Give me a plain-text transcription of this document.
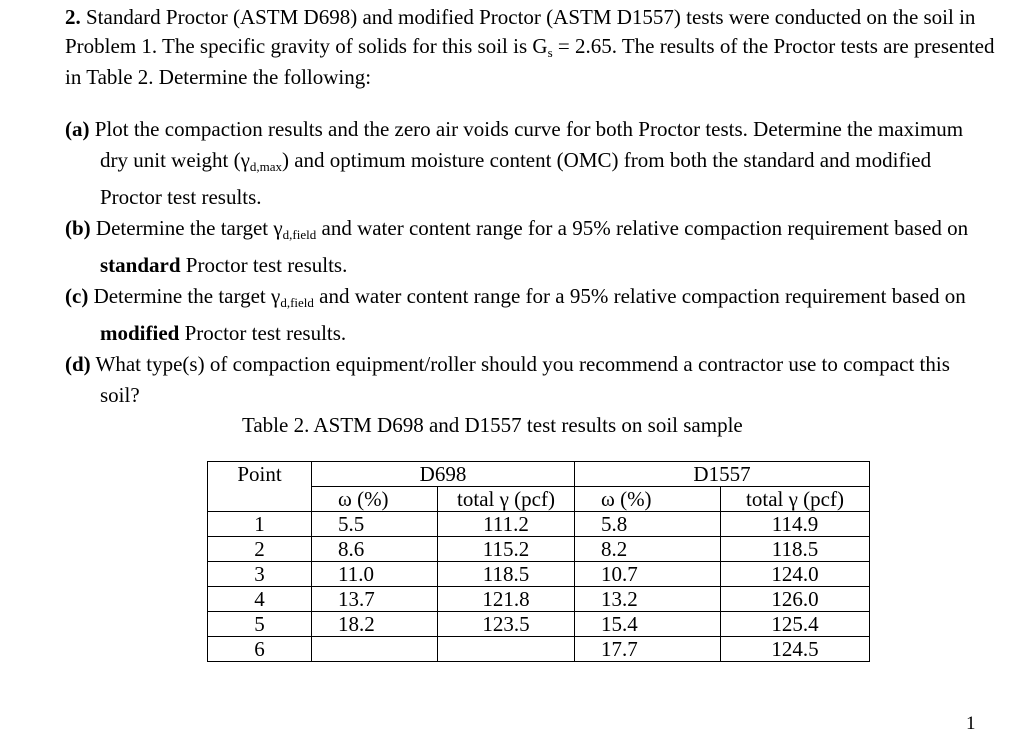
2. Standard Proctor (ASTM D698) and modified Proctor (ASTM D1557) tests were conducted on the soil in Problem 1. The specific gravity of solids for this soil is Gs = 2.65. The results of the Proctor tests are presented in Table 2. Determine the following:

(a) Plot the compaction results and the zero air voids curve for both Proctor tests. Determine the maximum dry unit weight (γd,max) and optimum moisture content (OMC) from both the standard and modified Proctor test results.

(b) Determine the target γd,field and water content range for a 95% relative compaction requirement based on standard Proctor test results.

(c) Determine the target γd,field and water content range for a 95% relative compaction requirement based on modified Proctor test results.

(d) What type(s) of compaction equipment/roller should you recommend a contractor use to compact this soil?

Table 2. ASTM D698 and D1557 test results on soil sample

Point	D698		D1557	
	ω (%)	total γ (pcf)	ω (%)	total γ (pcf)
1	5.5	111.2	5.8	114.9
2	8.6	115.2	8.2	118.5
3	11.0	118.5	10.7	124.0
4	13.7	121.8	13.2	126.0
5	18.2	123.5	15.4	125.4
6			17.7	124.5
1
